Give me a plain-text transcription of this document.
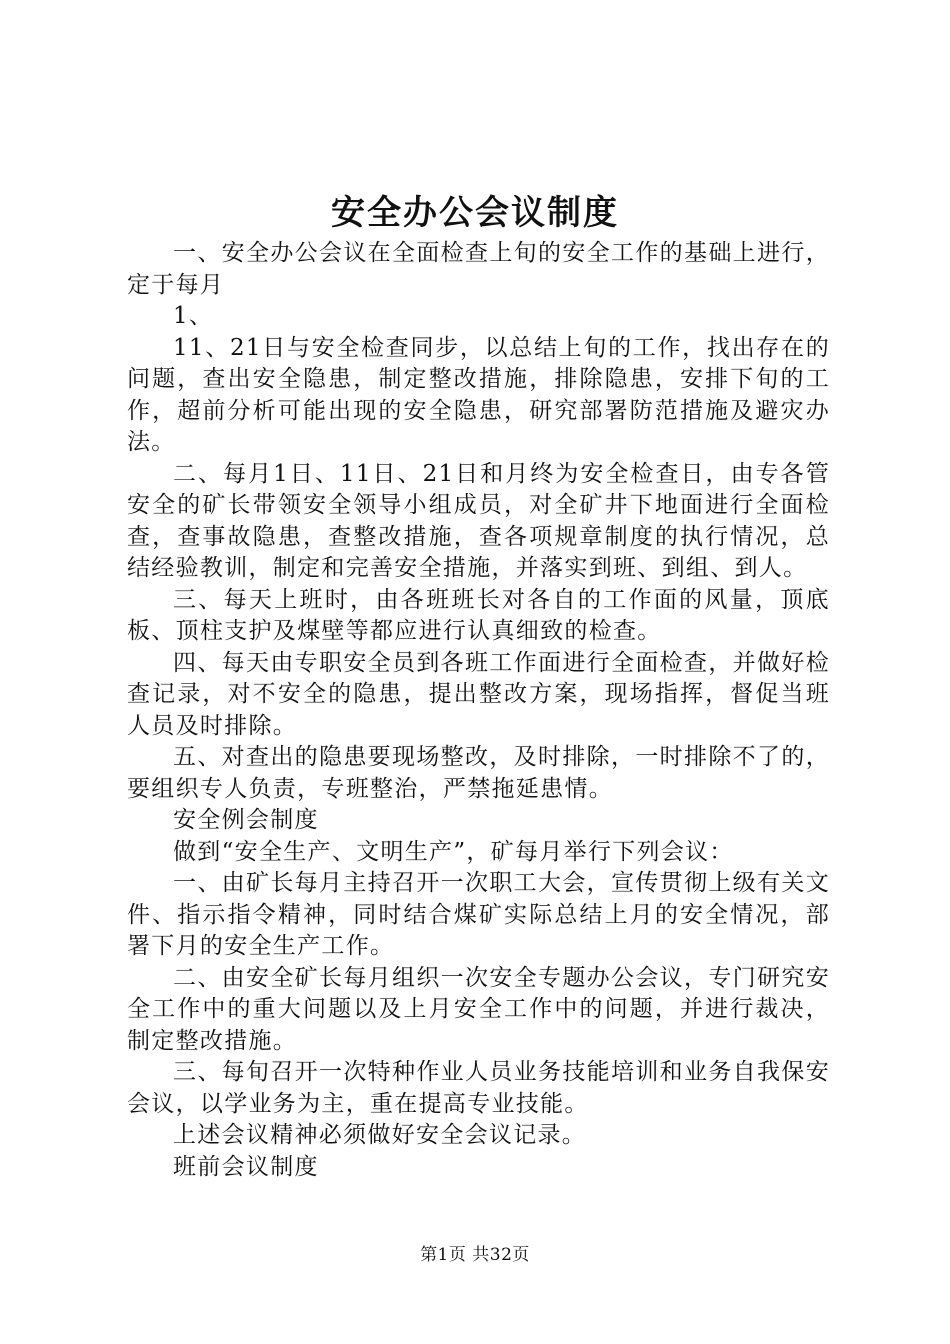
安全办公会议制度

一、安全办公会议在全面检查上旬的安全工作的基础上进行，定于每月

1、

11、21日与安全检查同步，以总结上旬的工作，找出存在的问题，查出安全隐患，制定整改措施，排除隐患，安排下旬的工作，超前分析可能出现的安全隐患，研究部署防范措施及避灾办法。

二、每月1日、11日、21日和月终为安全检查日，由专各管安全的矿长带领安全领导小组成员，对全矿井下地面进行全面检查，查事故隐患，查整改措施，查各项规章制度的执行情况，总结经验教训，制定和完善安全措施，并落实到班、到组、到人。

三、每天上班时，由各班班长对各自的工作面的风量，顶底板、顶柱支护及煤壁等都应进行认真细致的检查。

四、每天由专职安全员到各班工作面进行全面检查，并做好检查记录，对不安全的隐患，提出整改方案，现场指挥，督促当班人员及时排除。

五、对查出的隐患要现场整改，及时排除，一时排除不了的，要组织专人负责，专班整治，严禁拖延患情。

安全例会制度

做到“安全生产、文明生产”，矿每月举行下列会议：

一、由矿长每月主持召开一次职工大会，宣传贯彻上级有关文件、指示指令精神，同时结合煤矿实际总结上月的安全情况，部署下月的安全生产工作。

二、由安全矿长每月组织一次安全专题办公会议，专门研究安全工作中的重大问题以及上月安全工作中的问题，并进行裁决，制定整改措施。

三、每旬召开一次特种作业人员业务技能培训和业务自我保安会议，以学业务为主，重在提高专业技能。

上述会议精神必须做好安全会议记录。

班前会议制度

第1页 共32页
